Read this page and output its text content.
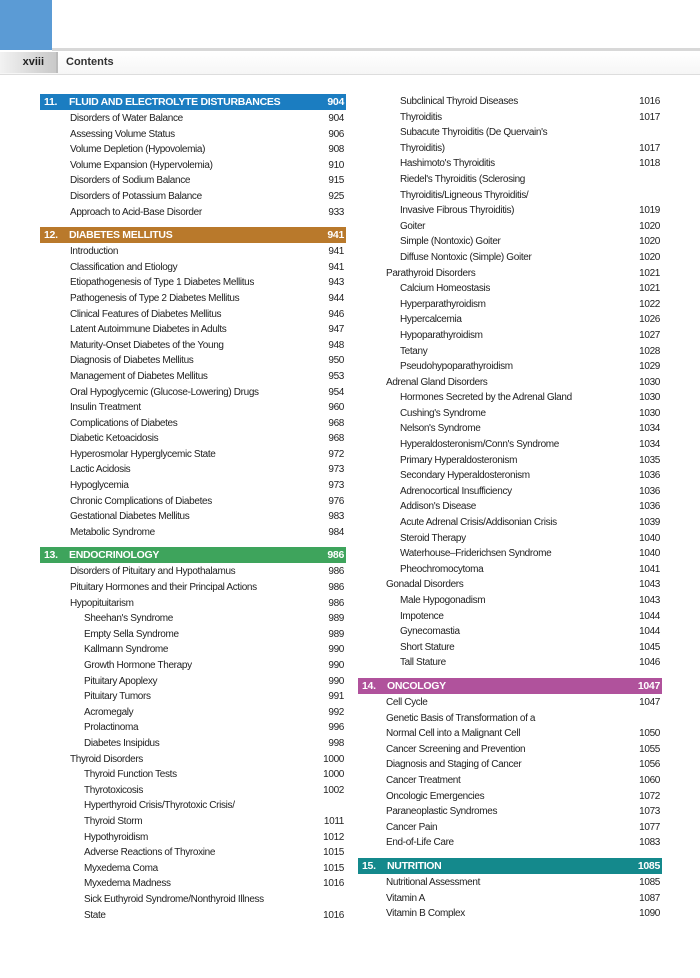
xviii Contents
11. FLUID AND ELECTROLYTE DISTURBANCES	904
Disorders of Water Balance	904
Assessing Volume Status	906
Volume Depletion (Hypovolemia)	908
Volume Expansion (Hypervolemia)	910
Disorders of Sodium Balance	915
Disorders of Potassium Balance	925
Approach to Acid-Base Disorder	933
12. DIABETES MELLITUS	941
Introduction	941
Classification and Etiology	941
Etiopathogenesis of Type 1 Diabetes Mellitus	943
Pathogenesis of Type 2 Diabetes Mellitus	944
Clinical Features of Diabetes Mellitus	946
Latent Autoimmune Diabetes in Adults	947
Maturity-Onset Diabetes of the Young	948
Diagnosis of Diabetes Mellitus	950
Management of Diabetes Mellitus	953
Oral Hypoglycemic (Glucose-Lowering) Drugs	954
Insulin Treatment	960
Complications of Diabetes	968
Diabetic Ketoacidosis	968
Hyperosmolar Hyperglycemic State	972
Lactic Acidosis	973
Hypoglycemia	973
Chronic Complications of Diabetes	976
Gestational Diabetes Mellitus	983
Metabolic Syndrome	984
13. ENDOCRINOLOGY	986
Disorders of Pituitary and Hypothalamus	986
Pituitary Hormones and their Principal Actions	986
Hypopituitarism	986
Sheehan's Syndrome	989
Empty Sella Syndrome	989
Kallmann Syndrome	990
Growth Hormone Therapy	990
Pituitary Apoplexy	990
Pituitary Tumors	991
Acromegaly	992
Prolactinoma	996
Diabetes Insipidus	998
Thyroid Disorders	1000
Thyroid Function Tests	1000
Thyrotoxicosis	1002
Hyperthyroid Crisis/Thyrotoxic Crisis/
Thyroid Storm	1011
Hypothyroidism	1012
Adverse Reactions of Thyroxine	1015
Myxedema Coma	1015
Myxedema Madness	1016
Sick Euthyroid Syndrome/Nonthyroid Illness
State	1016
Subclinical Thyroid Diseases	1016
Thyroiditis	1017
Subacute Thyroiditis (De Quervain's
Thyroiditis)	1017
Hashimoto's Thyroiditis	1018
Riedel's Thyroiditis (Sclerosing
Thyroiditis/Ligneous Thyroiditis/
Invasive Fibrous Thyroiditis)	1019
Goiter	1020
Simple (Nontoxic) Goiter	1020
Diffuse Nontoxic (Simple) Goiter	1020
Parathyroid Disorders	1021
Calcium Homeostasis	1021
Hyperparathyroidism	1022
Hypercalcemia	1026
Hypoparathyroidism	1027
Tetany	1028
Pseudohypoparathyroidism	1029
Adrenal Gland Disorders	1030
Hormones Secreted by the Adrenal Gland	1030
Cushing's Syndrome	1030
Nelson's Syndrome	1034
Hyperaldosteronism/Conn's Syndrome	1034
Primary Hyperaldosteronism	1035
Secondary Hyperaldosteronism	1036
Adrenocortical Insufficiency	1036
Addison's Disease	1036
Acute Adrenal Crisis/Addisonian Crisis	1039
Steroid Therapy	1040
Waterhouse–Friderichsen Syndrome	1040
Pheochromocytoma	1041
Gonadal Disorders	1043
Male Hypogonadism	1043
Impotence	1044
Gynecomastia	1044
Short Stature	1045
Tall Stature	1046
14. ONCOLOGY	1047
Cell Cycle	1047
Genetic Basis of Transformation of a
Normal Cell into a Malignant Cell	1050
Cancer Screening and Prevention	1055
Diagnosis and Staging of Cancer	1056
Cancer Treatment	1060
Oncologic Emergencies	1072
Paraneoplastic Syndromes	1073
Cancer Pain	1077
End-of-Life Care	1083
15. NUTRITION	1085
Nutritional Assessment	1085
Vitamin A	1087
Vitamin B Complex	1090
